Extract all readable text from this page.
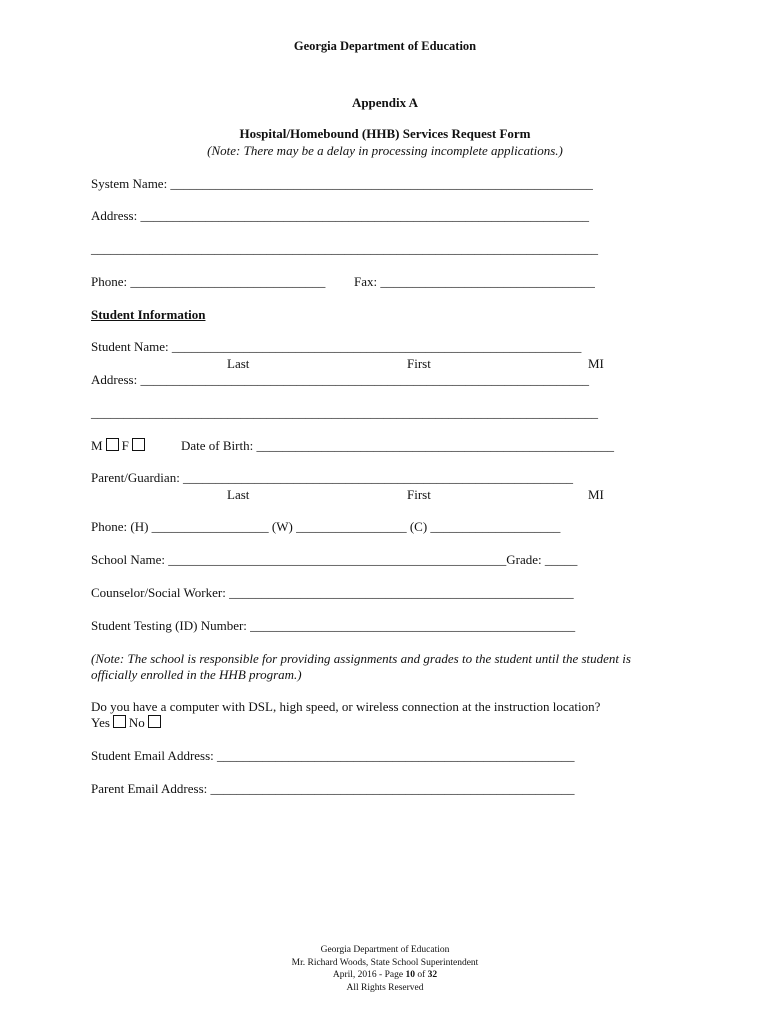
Georgia Department of Education
Appendix A
Hospital/Homebound (HHB) Services Request Form
(Note: There may be a delay in processing incomplete applications.)
System Name: _________________________________________________________________
Address: _____________________________________________________________________
______________________________________________________________________________
Phone: ______________________________ Fax: _________________________________
Student Information
Student Name: _______________________________________________________________
Last	First	MI
Address: _____________________________________________________________________
______________________________________________________________________________
M F	Date of Birth: _______________________________________________________
Parent/Guardian: ____________________________________________________________
Last	First	MI
Phone: (H) __________________ (W) _________________ (C) ____________________
School Name: ____________________________________________________Grade: _____
Counselor/Social Worker: _____________________________________________________
Student Testing (ID) Number: __________________________________________________
(Note: The school is responsible for providing assignments and grades to the student until the student is
officially enrolled in the HHB program.)
Do you have a computer with DSL, high speed, or wireless connection at the instruction location?
Yes No
Student Email Address: _______________________________________________________
Parent Email Address: ________________________________________________________
Georgia Department of Education
Mr. Richard Woods, State School Superintendent
April, 2016 - Page 10 of 32
All Rights Reserved
